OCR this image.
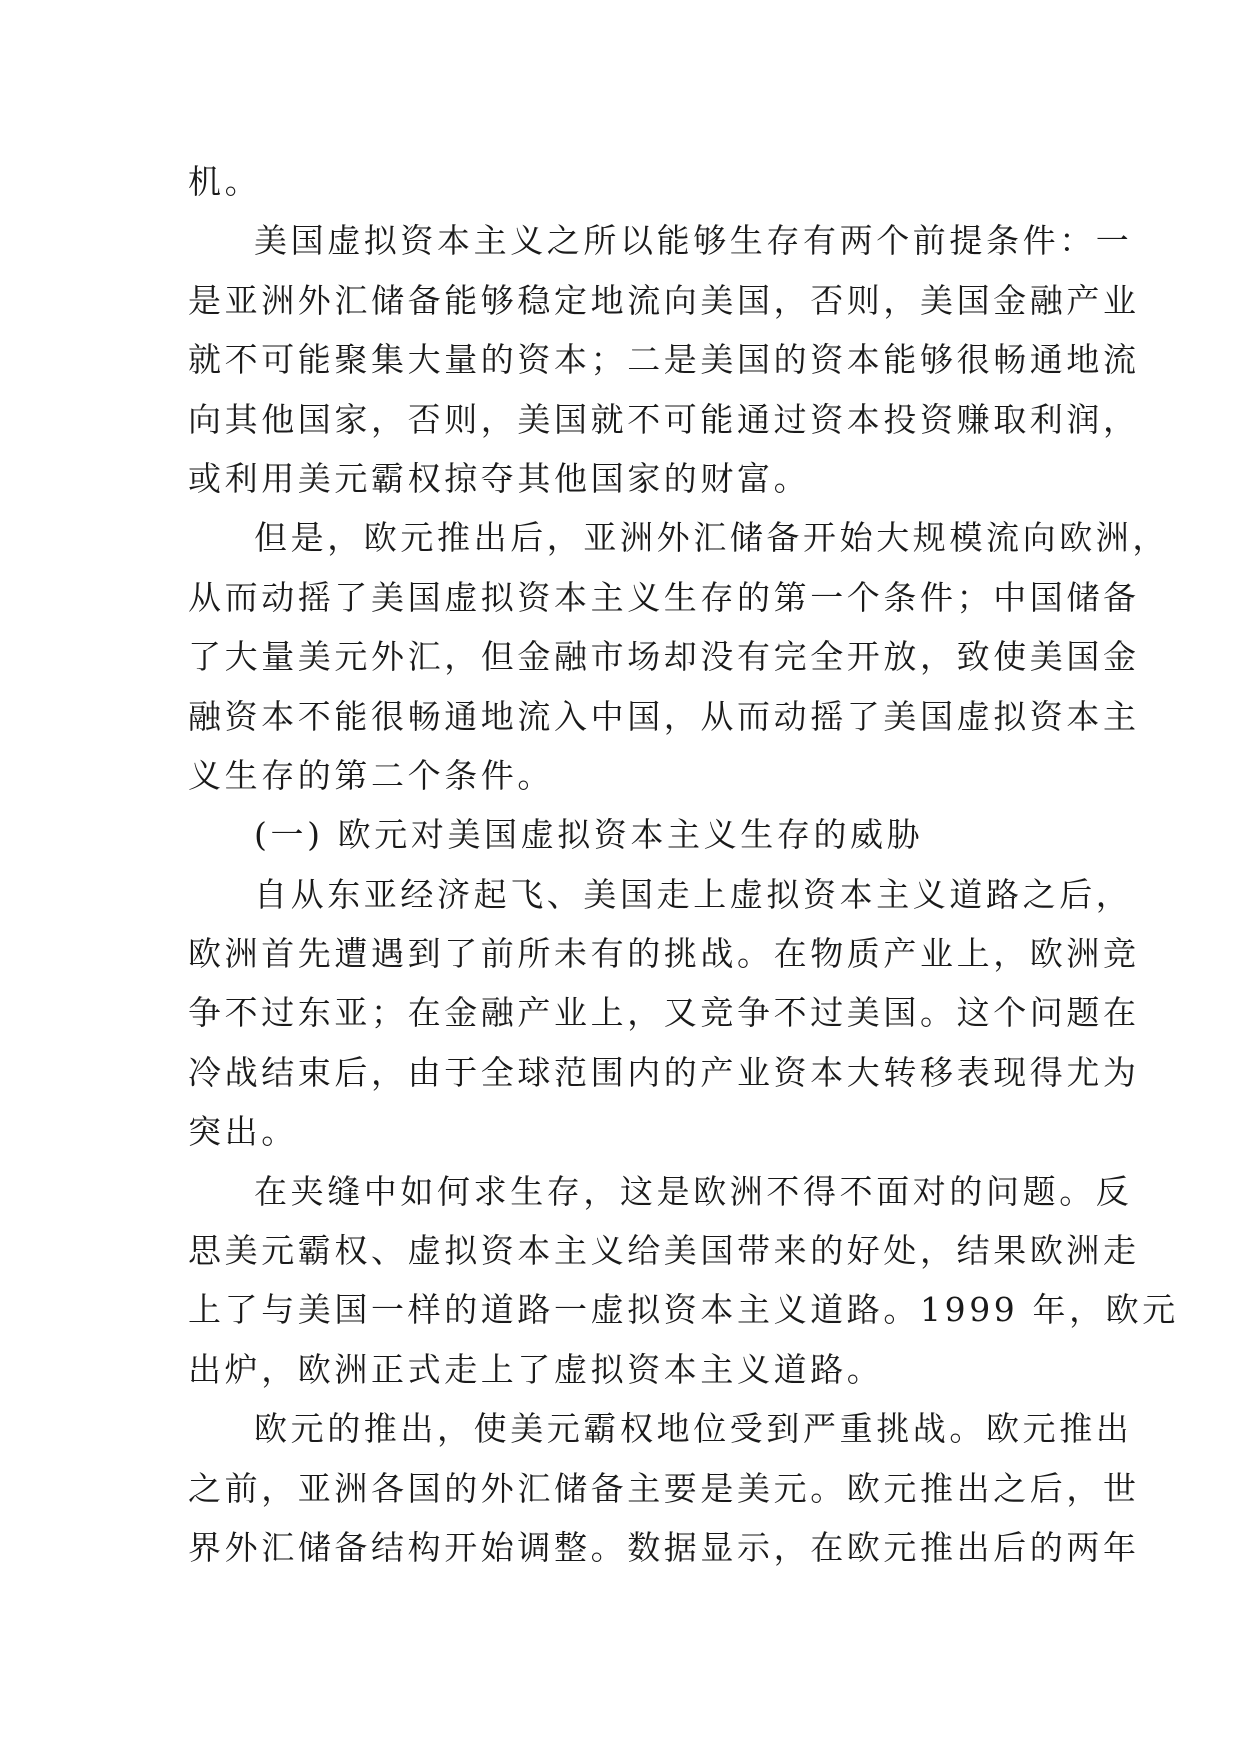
机。
美国虚拟资本主义之所以能够生存有两个前提条件：一
是亚洲外汇储备能够稳定地流向美国，否则，美国金融产业
就不可能聚集大量的资本；二是美国的资本能够很畅通地流
向其他国家，否则，美国就不可能通过资本投资赚取利润，
或利用美元霸权掠夺其他国家的财富。
但是，欧元推出后，亚洲外汇储备开始大规模流向欧洲，
从而动摇了美国虚拟资本主义生存的第一个条件；中国储备
了大量美元外汇，但金融市场却没有完全开放，致使美国金
融资本不能很畅通地流入中国，从而动摇了美国虚拟资本主
义生存的第二个条件。
(一) 欧元对美国虚拟资本主义生存的威胁
自从东亚经济起飞、美国走上虚拟资本主义道路之后，
欧洲首先遭遇到了前所未有的挑战。在物质产业上，欧洲竞
争不过东亚；在金融产业上，又竞争不过美国。这个问题在
冷战结束后，由于全球范围内的产业资本大转移表现得尤为
突出。
在夹缝中如何求生存，这是欧洲不得不面对的问题。反
思美元霸权、虚拟资本主义给美国带来的好处，结果欧洲走
上了与美国一样的道路一虚拟资本主义道路。1999 年，欧元
出炉，欧洲正式走上了虚拟资本主义道路。
欧元的推出，使美元霸权地位受到严重挑战。欧元推出
之前，亚洲各国的外汇储备主要是美元。欧元推出之后，世
界外汇储备结构开始调整。数据显示，在欧元推出后的两年
